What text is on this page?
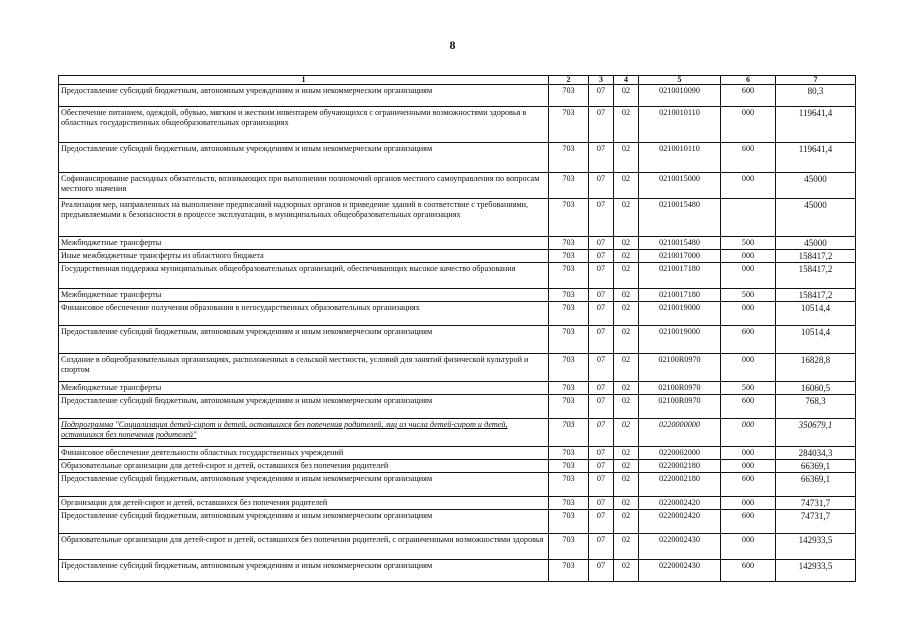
8
1	2	3	4	5	6	7
Предоставление субсидий бюджетным, автономным учреждениям и иным некоммерческим организациям	703	07	02	0210010090	600	80,3
Обеспечение питанием, одеждой, обувью, мягким и жестким инвентарем обучающихся с ограниченными возможностями здоровья в областных государственных общеобразовательных организациях	703	07	02	0210010110	000	119641,4
Предоставление субсидий бюджетным, автономным учреждениям и иным некоммерческим организациям	703	07	02	0210010110	600	119641,4
Софинансирование расходных обязательств, возникающих при выполнении полномочий органов местного самоуправления по вопросам местного значения	703	07	02	0210015000	000	45000
Реализация мер, направленных на выполнение предписаний надзорных органов и приведение зданий в соответствие с требованиями, предъявляемыми к безопасности в процессе эксплуатации, в муниципальных общеобразовательных организациях	703	07	02	0210015480		45000
Межбюджетные трансферты	703	07	02	0210015480	500	45000
Иные межбюджетные трансферты из областного бюджета	703	07	02	0210017000	000	158417,2
Государственная поддержка муниципальных общеобразовательных организаций, обеспечивающих высокое качество образования	703	07	02	0210017180	000	158417,2
Межбюджетные трансферты	703	07	02	0210017180	500	158417,2
Финансовое обеспечение получения образования в негосударственных образовательных организациях	703	07	02	0210019000	000	10514,4
Предоставление субсидий бюджетным, автономным учреждениям и иным некоммерческим организациям	703	07	02	0210019000	600	10514,4
Создание в общеобразовательных организациях, расположенных в сельской местности, условий для занятий физической культурой и спортом	703	07	02	02100R0970	000	16828,8
Межбюджетные трансферты	703	07	02	02100R0970	500	16060,5
Предоставление субсидий бюджетным, автономным учреждениям и иным некоммерческим организациям	703	07	02	02100R0970	600	768,3
Подпрограмма "Социализация детей-сирот и детей, оставшихся без попечения родителей, лиц из числа детей-сирот и детей, оставшихся без попечения родителей"	703	07	02	0220000000	000	350679,1
Финансовое обеспечение деятельности областных государственных учреждений	703	07	02	0220002000	000	284034,3
Образовательные организации для детей-сирот и детей, оставшихся без попечения родителей	703	07	02	0220002180	000	66369,1
Предоставление субсидий бюджетным, автономным учреждениям и иным некоммерческим организациям	703	07	02	0220002180	600	66369,1
Организации для детей-сирот и детей, оставшихся без попечения родителей	703	07	02	0220002420	000	74731,7
Предоставление субсидий бюджетным, автономным учреждениям и иным некоммерческим организациям	703	07	02	0220002420	600	74731,7
Образовательные организации для детей-сирот и детей, оставшихся без попечения родителей, с ограниченными возможностями здоровья	703	07	02	0220002430	000	142933,5
Предоставление субсидий бюджетным, автономным учреждениям и иным некоммерческим организациям	703	07	02	0220002430	600	142933,5
